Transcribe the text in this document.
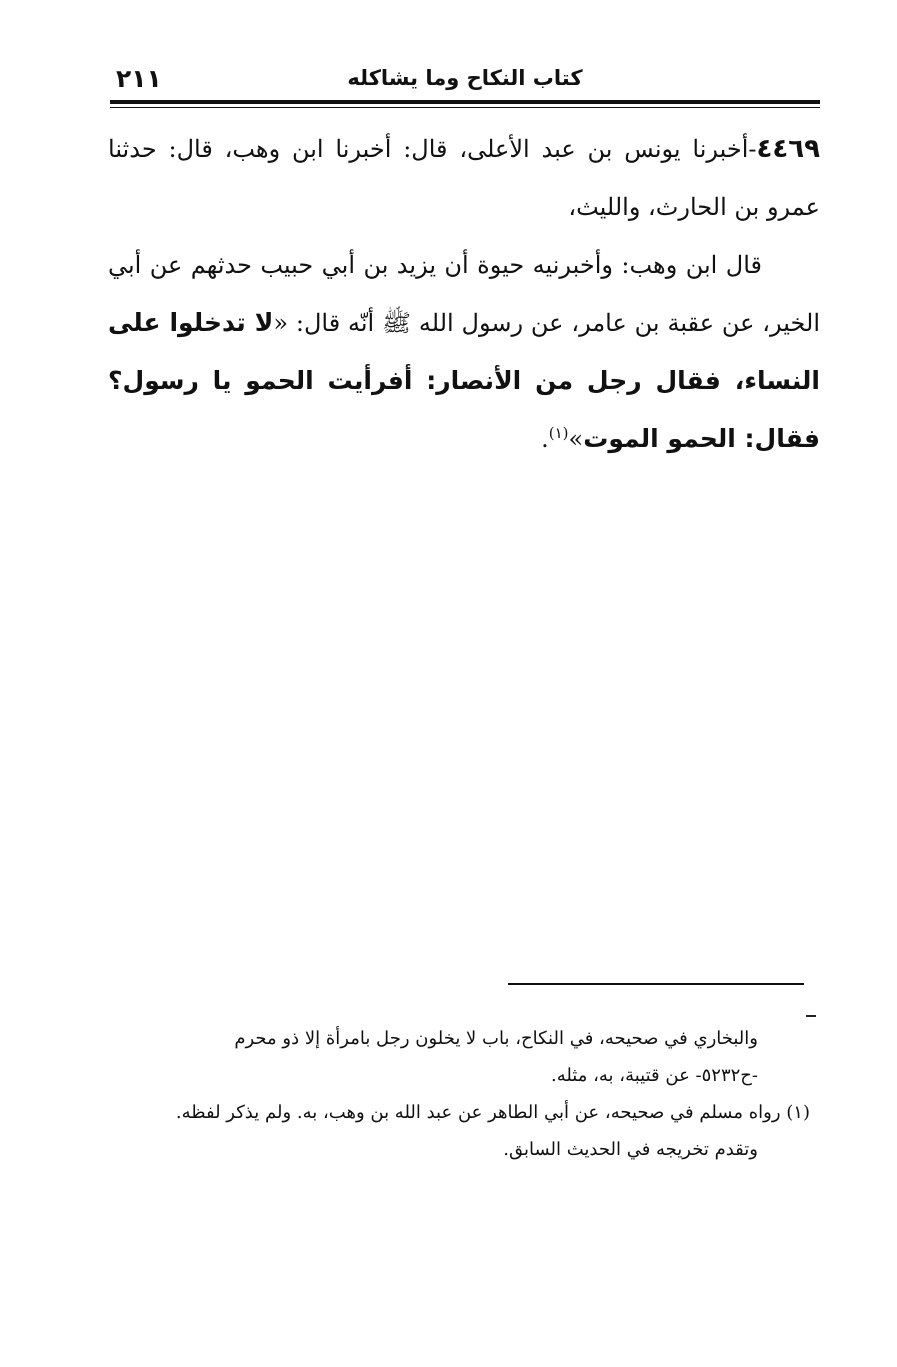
٢١١	كتاب النكاح وما يشاكله

٤٤٦٩-أخبرنا يونس بن عبد الأعلى، قال: أخبرنا ابن وهب، قال: حدثنا عمرو بن الحارث، والليث،

قال ابن وهب: وأخبرنيه حيوة أن يزيد بن أبي حبيب حدثهم عن أبي الخير، عن عقبة بن عامر، عن رسول الله ﷺ أنّه قال: «لا تدخلوا على النساء، فقال رجل من الأنصار: أفرأيت الحمو يا رسول؟ فقال: الحمو الموت»$^{(١)}$.

والبخاري في صحيحه، في النكاح، باب لا يخلون رجل بامرأة إلا ذو محرم

-ح٥٢٣٢- عن قتيبة، به، مثله.

(١) رواه مسلم في صحيحه، عن أبي الطاهر عن عبد الله بن وهب، به. ولم يذكر لفظه.

وتقدم تخريجه في الحديث السابق.
